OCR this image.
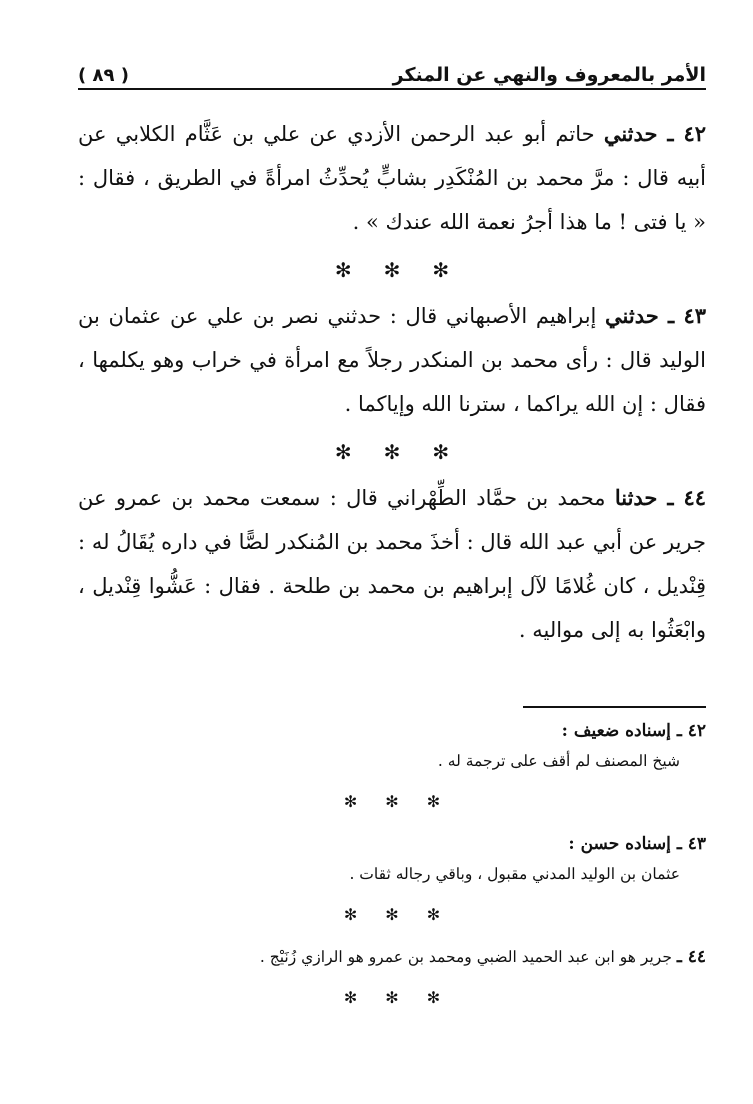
الأمر بالمعروف والنهي عن المنكر
( ٨٩ )

٤٢ ـ حدثني حاتم أبو عبد الرحمن الأزدي عن علي بن عَثَّام الكلابي عن أبيه قال : مرَّ محمد بن المُنْكَدِر بشابٍّ يُحدِّثُ امرأةً في الطريق ، فقال : « يا فتى ! ما هذا أجرُ نعمة الله عندك » .

✻ ✻ ✻

٤٣ ـ حدثني إبراهيم الأصبهاني قال : حدثني نصر بن علي عن عثمان بن الوليد قال : رأى محمد بن المنكدر رجلاً مع امرأة في خراب وهو يكلمها ، فقال : إن الله يراكما ، سترنا الله وإياكما .

✻ ✻ ✻

٤٤ ـ حدثنا محمد بن حمَّاد الطِّهْراني قال : سمعت محمد بن عمرو عن جرير عن أبي عبد الله قال : أخذَ محمد بن المُنكدر لصًّا في داره يُقَالُ له : قِنْديل ، كان غُلامًا لآل إبراهيم بن محمد بن طلحة . فقال : عَشُّوا قِنْديل ، وابْعَثُوا به إلى مواليه .

٤٢ ـ إسناده ضعيف :

شيخ المصنف لم أقف على ترجمة له .

✻ ✻ ✻

٤٣ ـ إسناده حسن :

عثمان بن الوليد المدني مقبول ، وباقي رجاله ثقات .

✻ ✻ ✻

٤٤ ـ جرير هو ابن عبد الحميد الضبي ومحمد بن عمرو هو الرازي زُنَيْج .

✻ ✻ ✻
